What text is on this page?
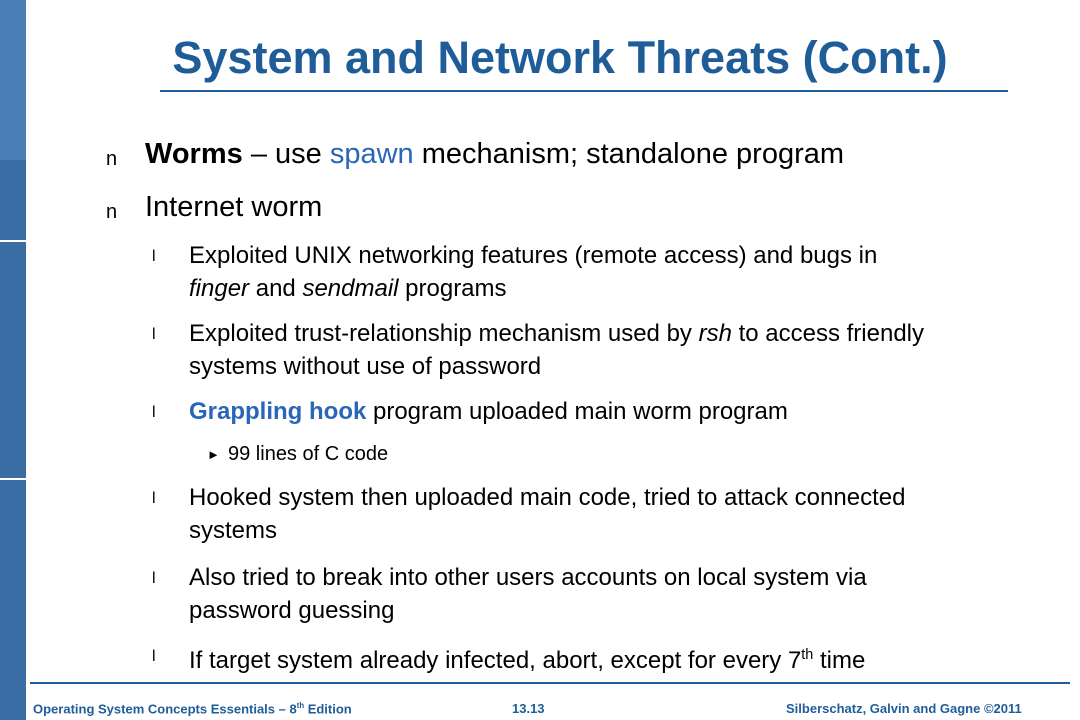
System and Network Threats (Cont.)
n Worms – use spawn mechanism; standalone program
n Internet worm
l Exploited UNIX networking features (remote access) and bugs in
finger and sendmail programs
l Exploited trust-relationship mechanism used by rsh to access friendly
systems without use of password
l Grappling hook program uploaded main worm program
► 99 lines of C code
l Hooked system then uploaded main code, tried to attack connected
systems
l Also tried to break into other users accounts on local system via
password guessing
l If target system already infected, abort, except for every 7th time
Operating System Concepts Essentials – 8th Edition	13.13	Silberschatz, Galvin and Gagne ©2011
